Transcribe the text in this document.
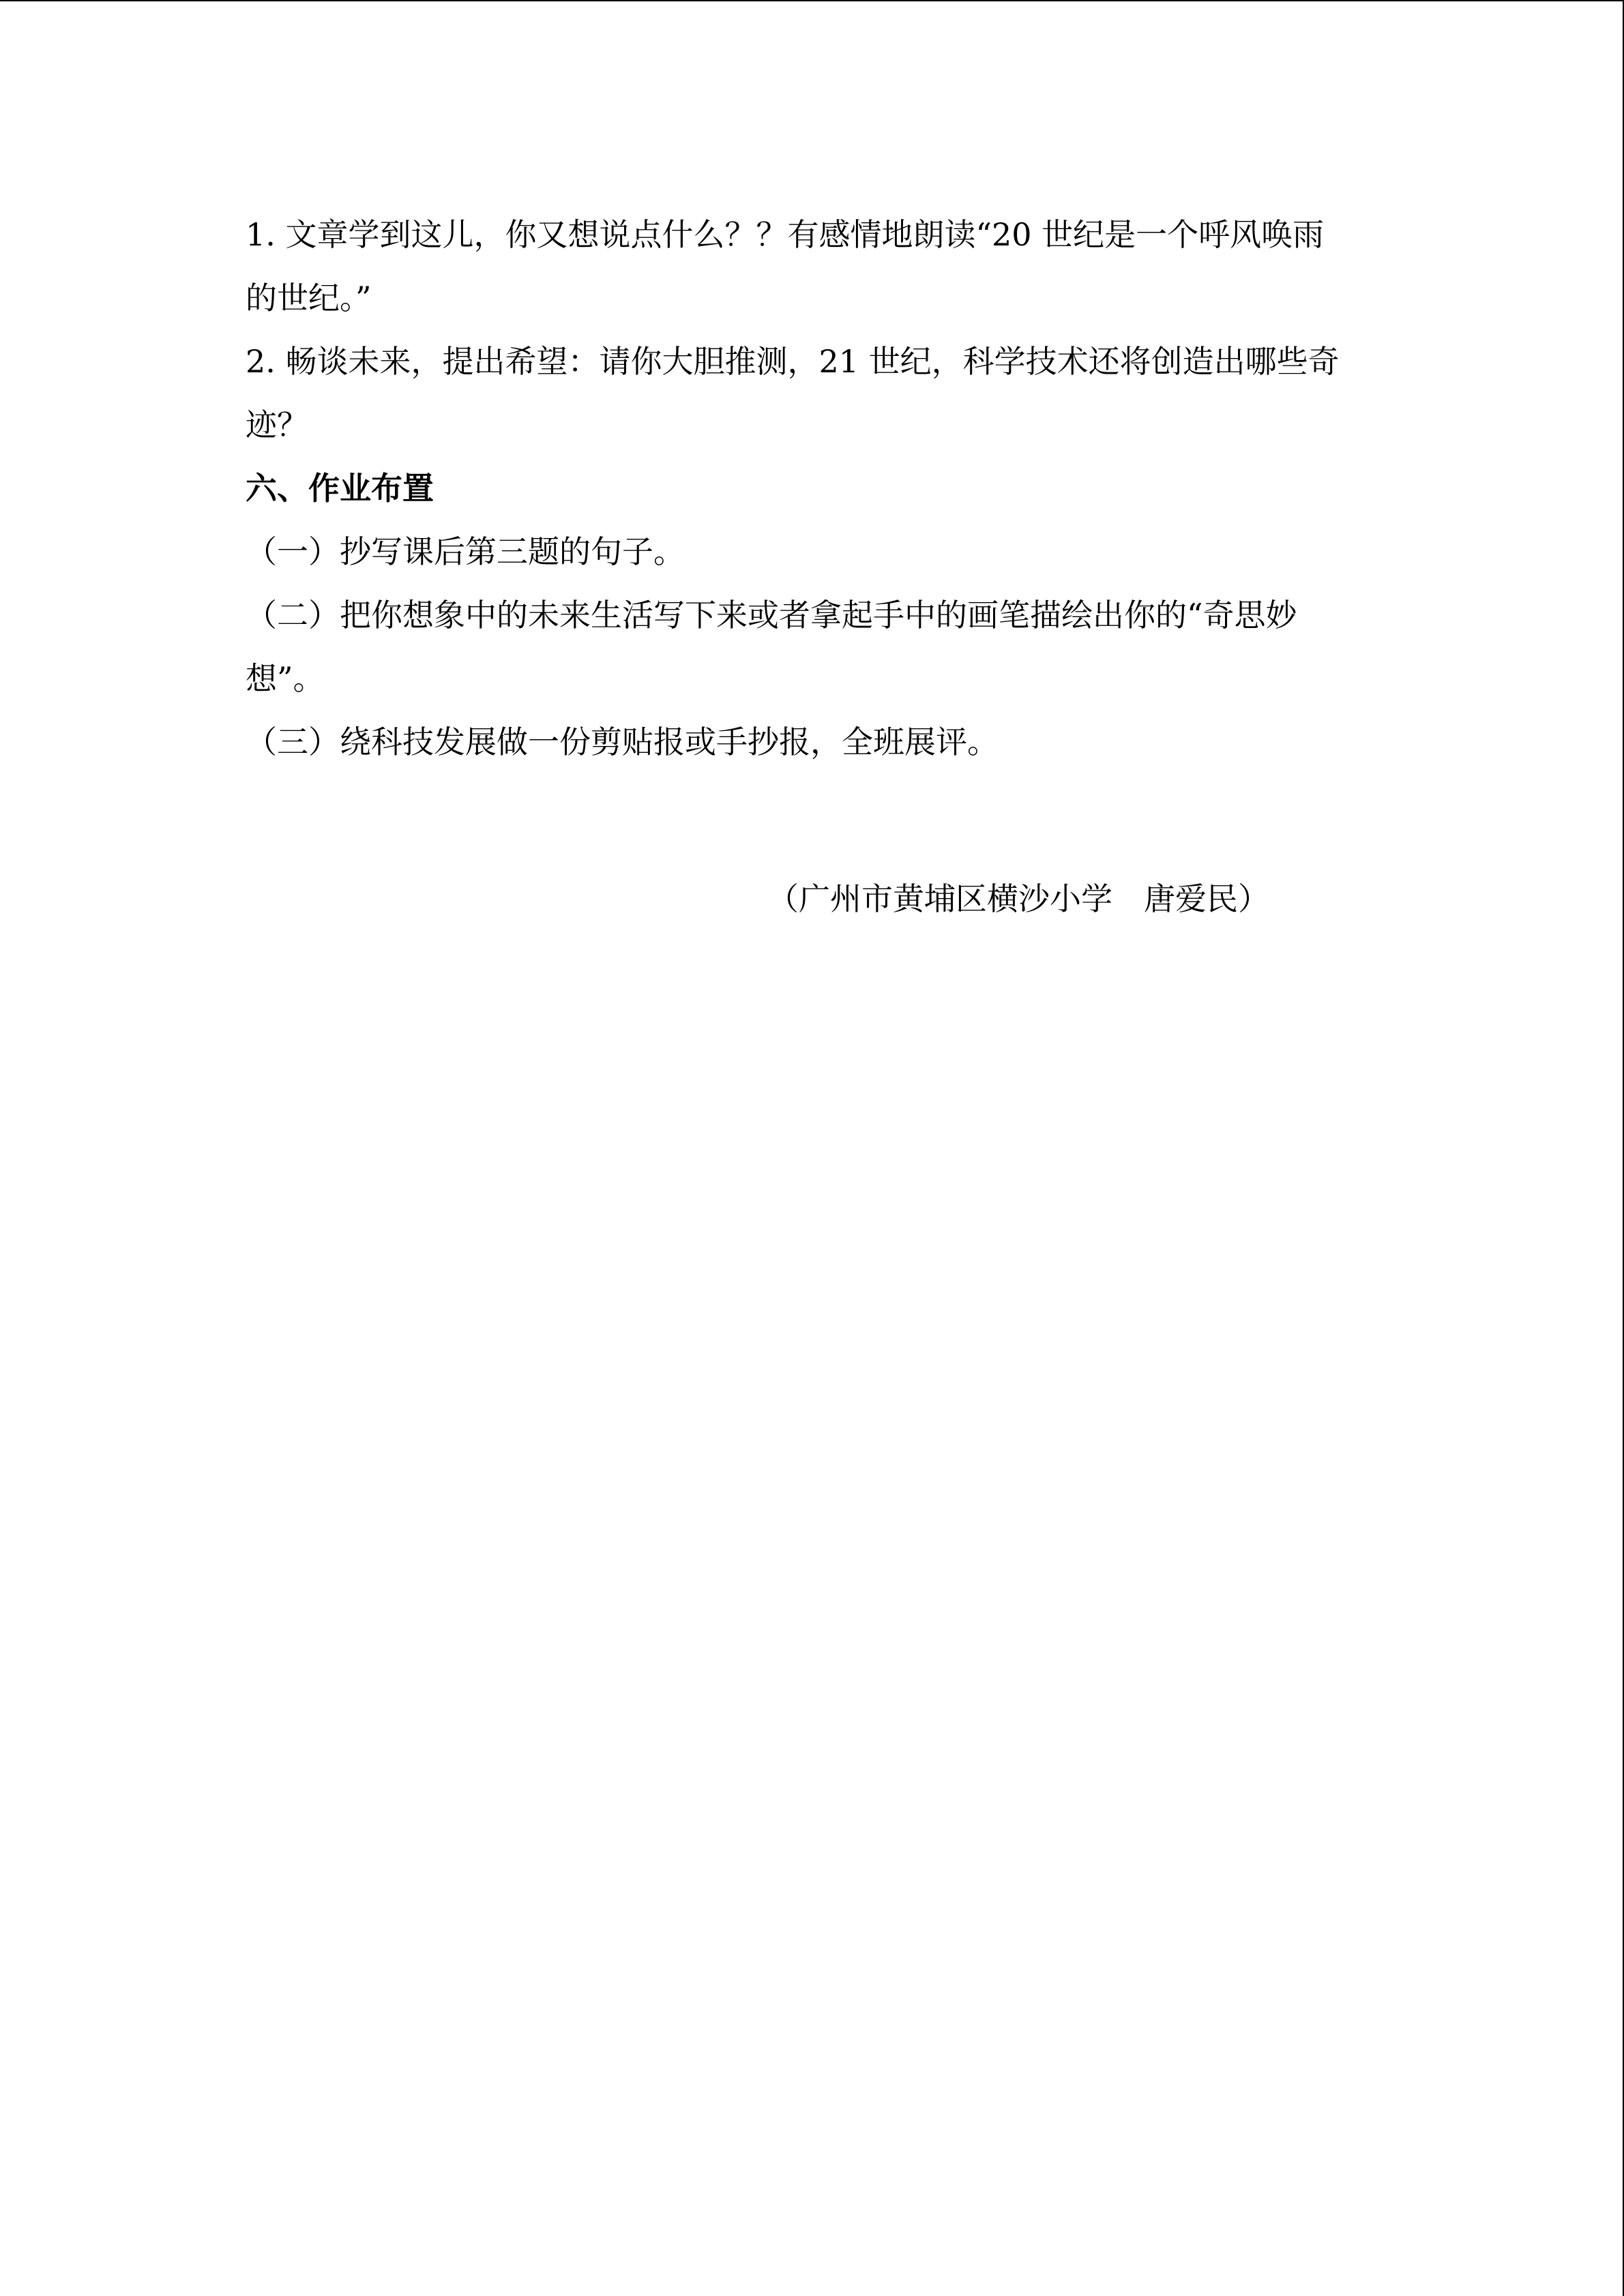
1. 文章学到这儿，你又想说点什么？？有感情地朗读“20 世纪是一个呼风唤雨
的世纪。”
2. 畅谈未来，提出希望：请你大胆推测，21 世纪，科学技术还将创造出哪些奇
迹？
六、作业布置
（一）抄写课后第三题的句子。
（二）把你想象中的未来生活写下来或者拿起手中的画笔描绘出你的“奇思妙
想”。
（三）绕科技发展做一份剪贴报或手抄报，全班展评。
（广州市黄埔区横沙小学　唐爱民）
